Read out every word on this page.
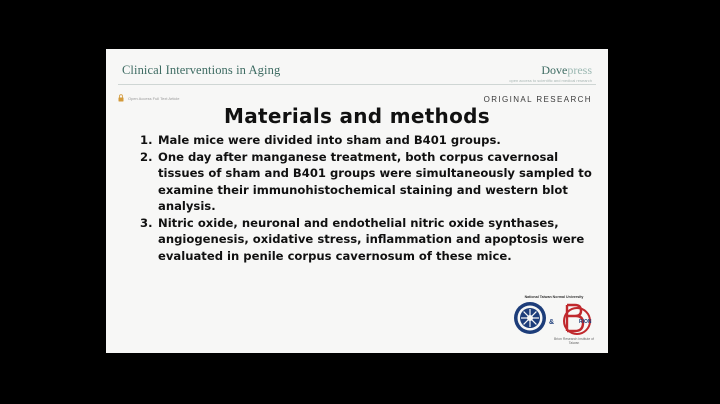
Clinical Interventions in Aging	Dovepress
open access to scientific and medical research
Open Access Full Text Article	ORIGINAL RESEARCH
Materials and methods
1. Male mice were divided into sham and B401 groups.
2. One day after manganese treatment, both corpus cavernosal tissues of sham and B401 groups were simultaneously sampled to examine their immunohistochemical staining and western blot analysis.
3. Nitric oxide, neuronal and endothelial nitric oxide synthases, angiogenesis, oxidative stress, inflammation and apoptosis were evaluated in penile corpus cavernosum of these mice.
National Taiwan Normal University
&	RION
Brion Research Institute of Taiwan
